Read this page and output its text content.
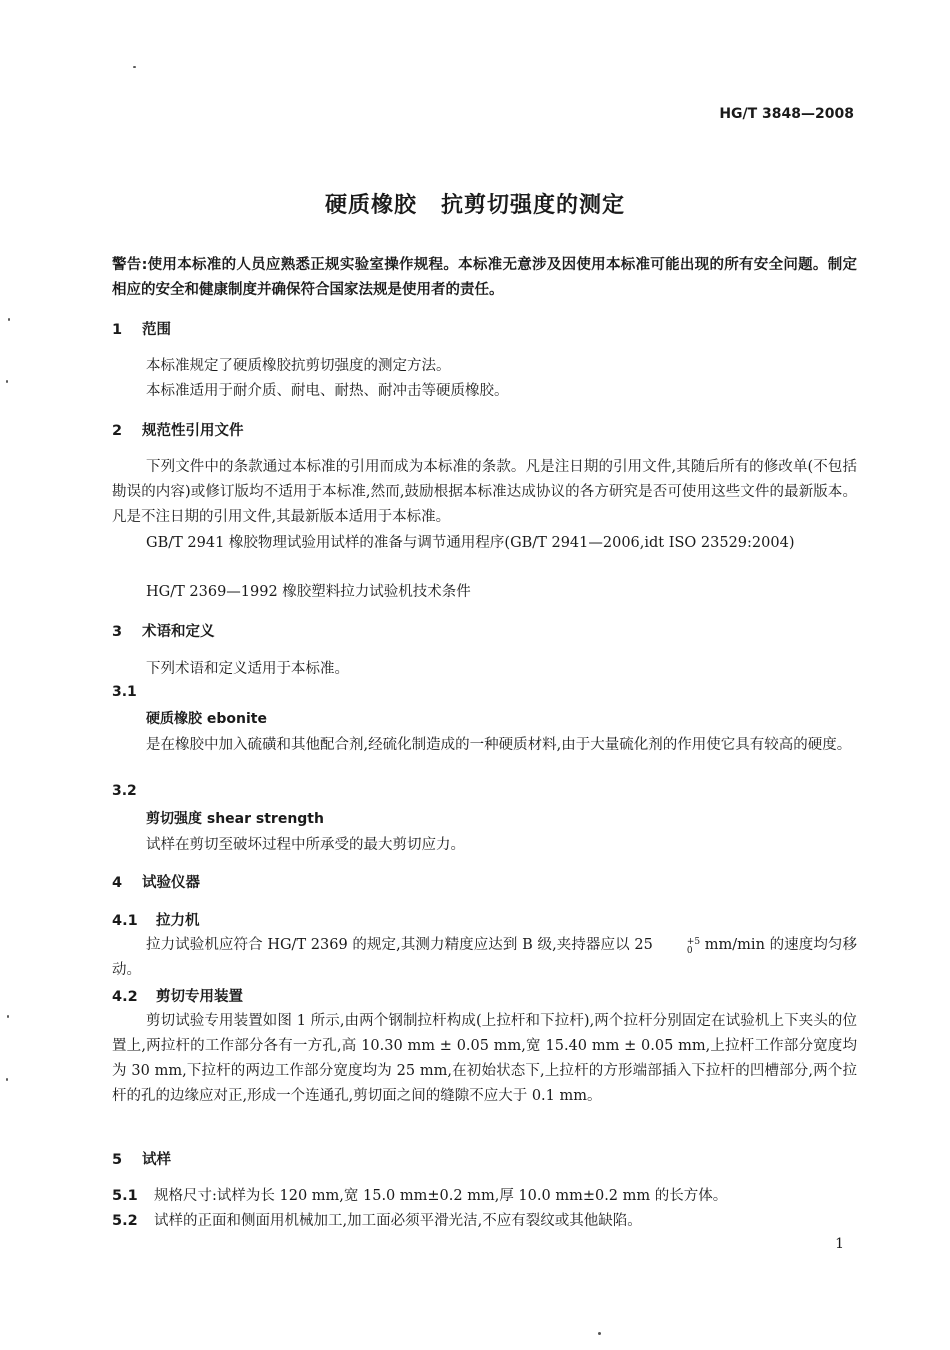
HG/T 3848—2008
硬质橡胶 抗剪切强度的测定
警告:使用本标准的人员应熟悉正规实验室操作规程。本标准无意涉及因使用本标准可能出现的所有安全问题。制定相应的安全和健康制度并确保符合国家法规是使用者的责任。
1 范围
本标准规定了硬质橡胶抗剪切强度的测定方法。
本标准适用于耐介质、耐电、耐热、耐冲击等硬质橡胶。
2 规范性引用文件
下列文件中的条款通过本标准的引用而成为本标准的条款。凡是注日期的引用文件,其随后所有的修改单(不包括勘误的内容)或修订版均不适用于本标准,然而,鼓励根据本标准达成协议的各方研究是否可使用这些文件的最新版本。凡是不注日期的引用文件,其最新版本适用于本标准。
GB/T 2941 橡胶物理试验用试样的准备与调节通用程序(GB/T 2941—2006,idt ISO 23529:2004)
HG/T 2369—1992 橡胶塑料拉力试验机技术条件
3 术语和定义
下列术语和定义适用于本标准。
3.1
硬质橡胶 ebonite
是在橡胶中加入硫磺和其他配合剂,经硫化制造成的一种硬质材料,由于大量硫化剂的作用使它具有较高的硬度。
3.2
剪切强度 shear strength
试样在剪切至破坏过程中所承受的最大剪切应力。
4 试验仪器
4.1 拉力机
拉力试验机应符合 HG/T 2369 的规定,其测力精度应达到 B 级,夹持器应以 25	$^{+5 0}$ mm/min 的速度均匀移动。
4.2 剪切专用装置
剪切试验专用装置如图 1 所示,由两个钢制拉杆构成(上拉杆和下拉杆),两个拉杆分别固定在试验机上下夹头的位置上,两拉杆的工作部分各有一方孔,高 10.30 mm ± 0.05 mm,宽 15.40 mm ± 0.05 mm,上拉杆工作部分宽度均为 30 mm,下拉杆的两边工作部分宽度均为 25 mm,在初始状态下,上拉杆的方形端部插入下拉杆的凹槽部分,两个拉杆的孔的边缘应对正,形成一个连通孔,剪切面之间的缝隙不应大于 0.1 mm。
5 试样
5.1 规格尺寸:试样为长 120 mm,宽 15.0 mm±0.2 mm,厚 10.0 mm±0.2 mm 的长方体。
5.2 试样的正面和侧面用机械加工,加工面必须平滑光洁,不应有裂纹或其他缺陷。
1
